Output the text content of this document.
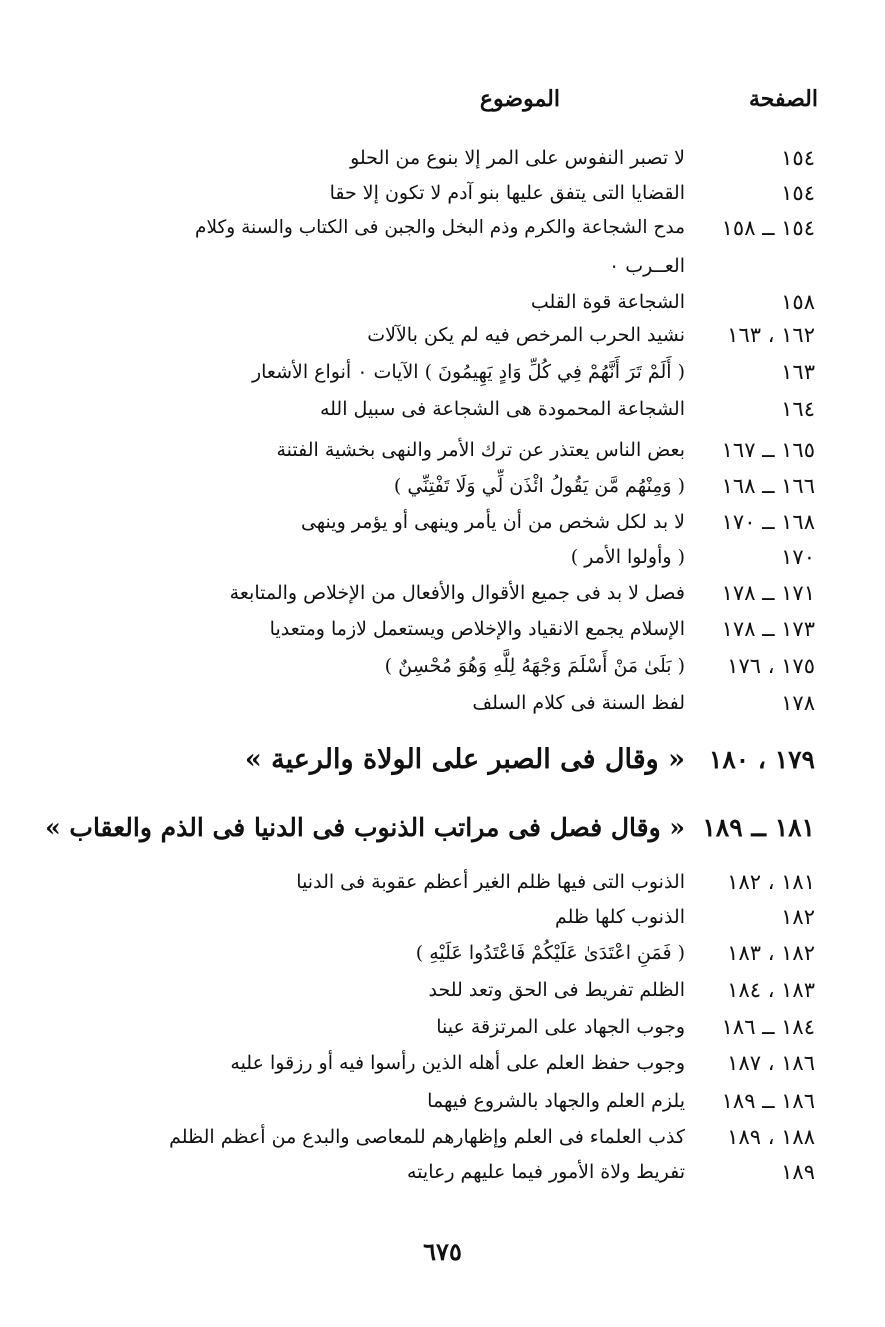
الصفحة
الموضوع
١٥٤
لا تصبر النفوس على المر إلا بنوع من الحلو
١٥٤
القضايا التى يتفق عليها بنو آدم لا تكون إلا حقا
١٥٤ ــ ١٥٨
مدح الشجاعة والكرم وذم البخل والجبن فى الكتاب والسنة وكلام
العــرب ٠
١٥٨
الشجاعة قوة القلب
١٦٢ ، ١٦٣
نشيد الحرب المرخص فيه لم يكن بالآلات
١٦٣
( أَلَمْ تَرَ أَنَّهُمْ فِي كُلِّ وَادٍ يَهِيمُونَ ) الآيات ٠ أنواع الأشعار
١٦٤
الشجاعة المحمودة هى الشجاعة فى سبيل الله
١٦٥ ــ ١٦٧
بعض الناس يعتذر عن ترك الأمر والنهى بخشية الفتنة
١٦٦ ــ ١٦٨
( وَمِنْهُم مَّن يَقُولُ ائْذَن لِّي وَلَا تَفْتِنِّي )
١٦٨ ــ ١٧٠
لا بد لكل شخص من أن يأمر وينهى أو يؤمر وينهى
١٧٠
( وأولوا الأمر )
١٧١ ــ ١٧٨
فصل لا بد فى جميع الأقوال والأفعال من الإخلاص والمتابعة
١٧٣ ــ ١٧٨
الإسلام يجمع الانقياد والإخلاص ويستعمل لازما ومتعديا
١٧٥ ، ١٧٦
( بَلَىٰ مَنْ أَسْلَمَ وَجْهَهُ لِلَّهِ وَهُوَ مُحْسِنٌ )
١٧٨
لفظ السنة فى كلام السلف
١٧٩ ، ١٨٠
« وقال فى الصبر على الولاة والرعية »
١٨١ ــ ١٨٩
« وقال فصل فى مراتب الذنوب فى الدنيا فى الذم والعقاب »
١٨١ ، ١٨٢
الذنوب التى فيها ظلم الغير أعظم عقوبة فى الدنيا
١٨٢
الذنوب كلها ظلم
١٨٢ ، ١٨٣
( فَمَنِ اعْتَدَىٰ عَلَيْكُمْ فَاعْتَدُوا عَلَيْهِ )
١٨٣ ، ١٨٤
الظلم تفريط فى الحق وتعد للحد
١٨٤ ــ ١٨٦
وجوب الجهاد على المرتزقة عينا
١٨٦ ، ١٨٧
وجوب حفظ العلم على أهله الذين رأسوا فيه أو رزقوا عليه
١٨٦ ــ ١٨٩
يلزم العلم والجهاد بالشروع فيهما
١٨٨ ، ١٨٩
كذب العلماء فى العلم وإظهارهم للمعاصى والبدع من أعظم الظلم
١٨٩
تفريط ولاة الأمور فيما عليهم رعايته
٦٧٥
